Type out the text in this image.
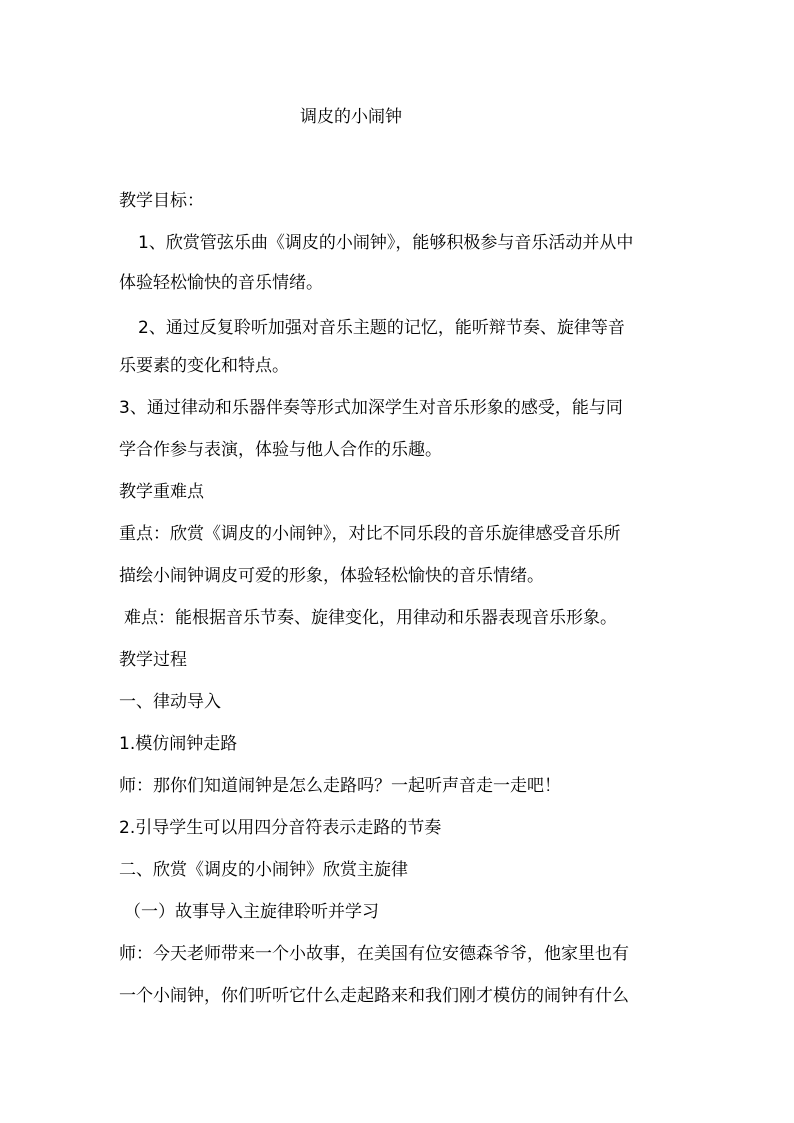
调皮的小闹钟
教学目标：
1、欣赏管弦乐曲《调皮的小闹钟》，能够积极参与音乐活动并从中
体验轻松愉快的音乐情绪。
2、通过反复聆听加强对音乐主题的记忆，能听辩节奏、旋律等音
乐要素的变化和特点。
3、通过律动和乐器伴奏等形式加深学生对音乐形象的感受，能与同
学合作参与表演，体验与他人合作的乐趣。
教学重难点
重点：欣赏《调皮的小闹钟》，对比不同乐段的音乐旋律感受音乐所
描绘小闹钟调皮可爱的形象，体验轻松愉快的音乐情绪。
难点：能根据音乐节奏、旋律变化，用律动和乐器表现音乐形象。
教学过程
一、律动导入
1.模仿闹钟走路
师：那你们知道闹钟是怎么走路吗？一起听声音走一走吧！
2.引导学生可以用四分音符表示走路的节奏
二、欣赏《调皮的小闹钟》欣赏主旋律
（一）故事导入主旋律聆听并学习
师：今天老师带来一个小故事，在美国有位安德森爷爷，他家里也有
一个小闹钟，你们听听它什么走起路来和我们刚才模仿的闹钟有什么
